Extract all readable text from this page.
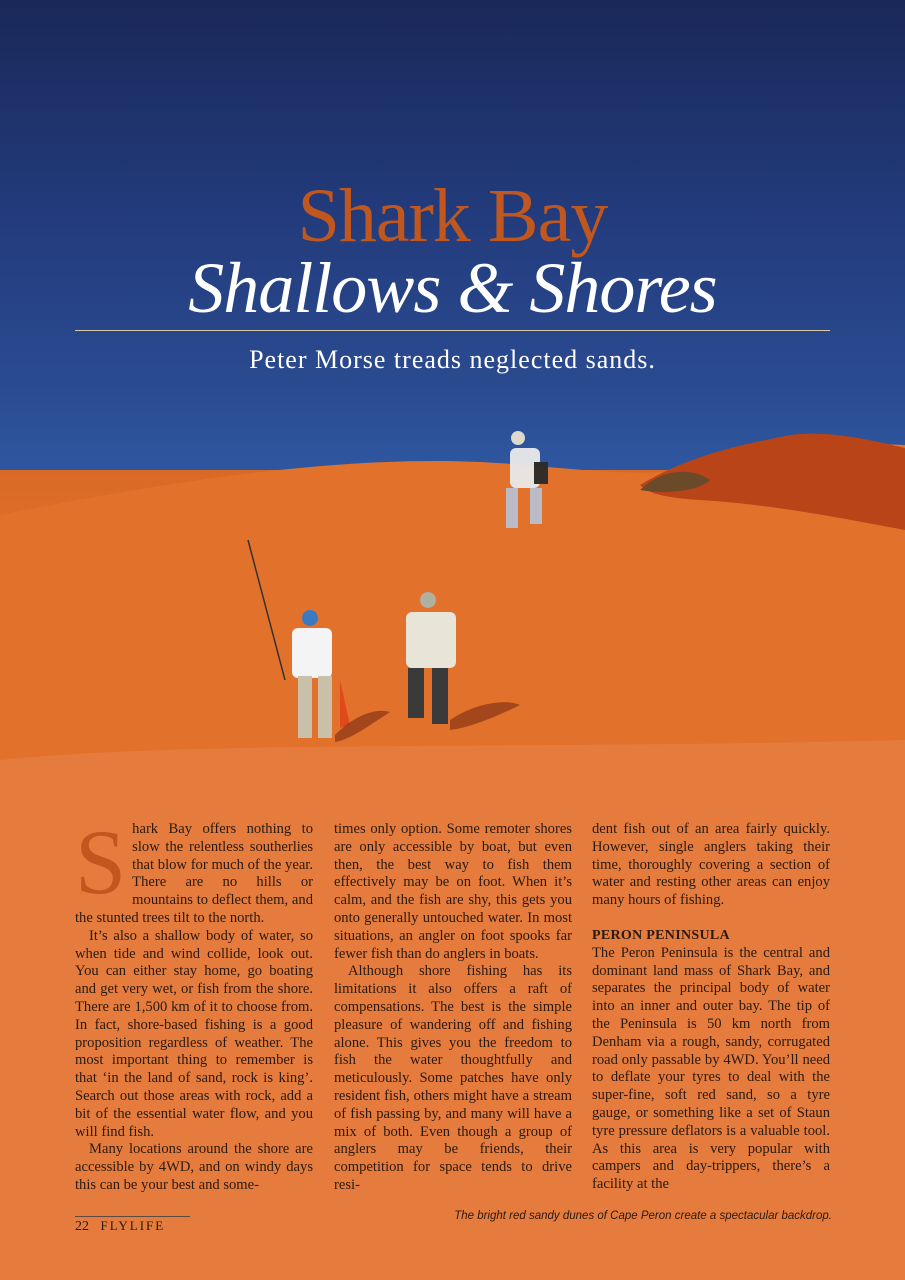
Shark Bay
Shallows & Shores
Peter Morse treads neglected sands.
S hark Bay offers nothing to slow the relentless southerlies that blow for much of the year. There are no hills or mountains to deflect them, and the stunted trees tilt to the north.

It’s also a shallow body of water, so when tide and wind collide, look out. You can either stay home, go boating and get very wet, or fish from the shore. There are 1,500 km of it to choose from. In fact, shore-based fishing is a good proposition regardless of weather. The most important thing to remember is that ‘in the land of sand, rock is king’. Search out those areas with rock, add a bit of the essential water flow, and you will find fish.

Many locations around the shore are accessible by 4WD, and on windy days this can be your best and some-

times only option. Some remoter shores are only accessible by boat, but even then, the best way to fish them effectively may be on foot. When it’s calm, and the fish are shy, this gets you onto generally untouched water. In most situations, an angler on foot spooks far fewer fish than do anglers in boats.

Although shore fishing has its limitations it also offers a raft of compensations. The best is the simple pleasure of wandering off and fishing alone. This gives you the freedom to fish the water thoughtfully and meticulously. Some patches have only resident fish, others might have a stream of fish passing by, and many will have a mix of both. Even though a group of anglers may be friends, their competition for space tends to drive resi-

dent fish out of an area fairly quickly. However, single anglers taking their time, thoroughly covering a section of water and resting other areas can enjoy many hours of fishing.

PERON PENINSULA

The Peron Peninsula is the central and dominant land mass of Shark Bay, and separates the principal body of water into an inner and outer bay. The tip of the Peninsula is 50 km north from Denham via a rough, sandy, corrugated road only passable by 4WD. You’ll need to deflate your tyres to deal with the super-fine, soft red sand, so a tyre gauge, or something like a set of Staun tyre pressure deflators is a valuable tool. As this area is very popular with campers and day-trippers, there’s a facility at the

22 FLYLIFE
The bright red sandy dunes of Cape Peron create a spectacular backdrop.
